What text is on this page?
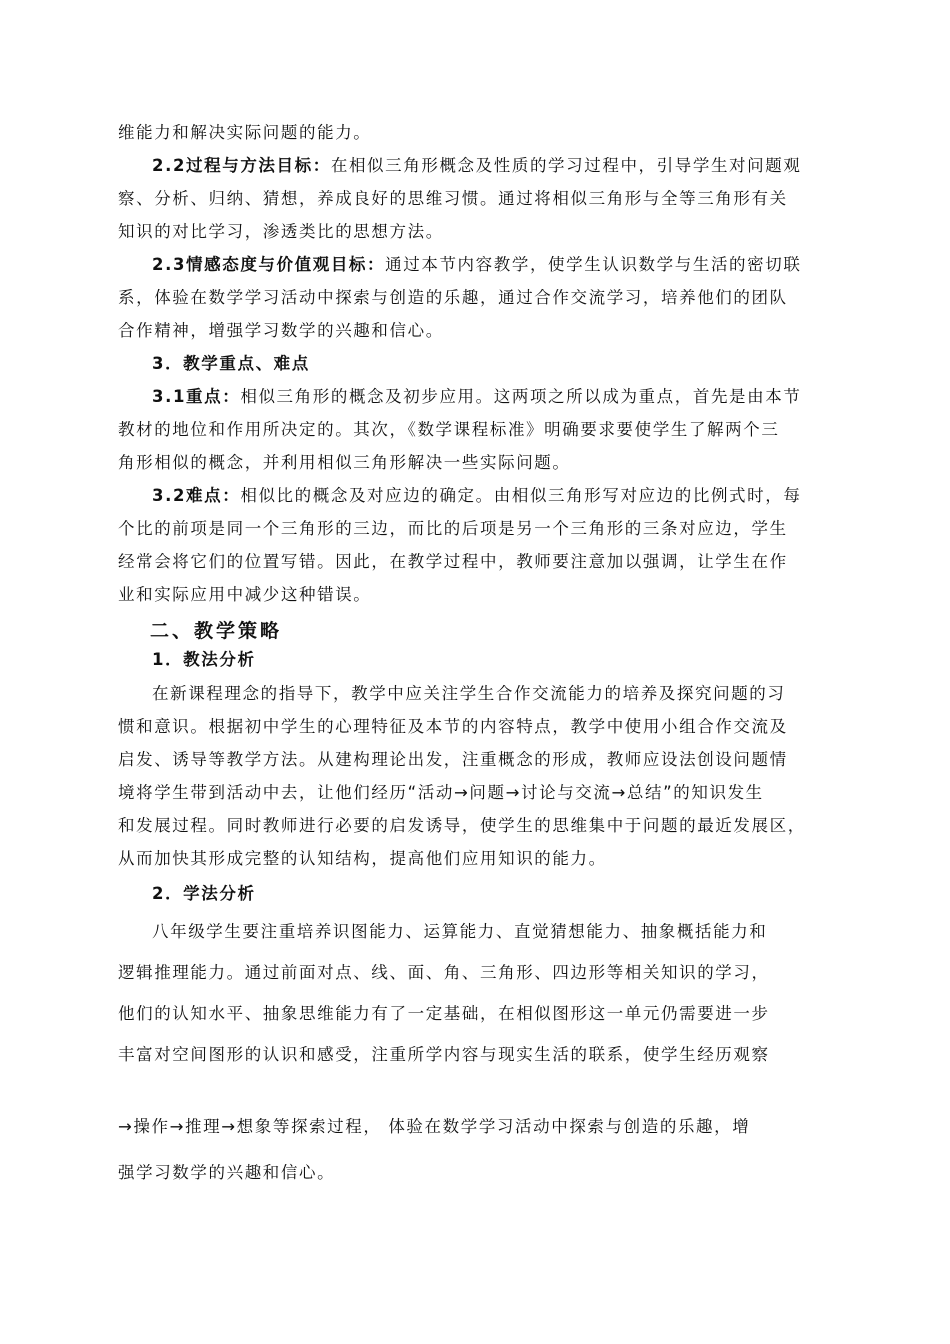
维能力和解决实际问题的能力。
2.2过程与方法目标：在相似三角形概念及性质的学习过程中，引导学生对问题观
察、分析、归纳、猜想，养成良好的思维习惯。通过将相似三角形与全等三角形有关
知识的对比学习，渗透类比的思想方法。
2.3情感态度与价值观目标：通过本节内容教学，使学生认识数学与生活的密切联
系，体验在数学学习活动中探索与创造的乐趣，通过合作交流学习，培养他们的团队
合作精神，增强学习数学的兴趣和信心。
3．教学重点、难点
3.1重点：相似三角形的概念及初步应用。这两项之所以成为重点，首先是由本节
教材的地位和作用所决定的。其次，《数学课程标准》明确要求要使学生了解两个三
角形相似的概念，并利用相似三角形解决一些实际问题。
3.2难点：相似比的概念及对应边的确定。由相似三角形写对应边的比例式时，每
个比的前项是同一个三角形的三边，而比的后项是另一个三角形的三条对应边，学生
经常会将它们的位置写错。因此，在教学过程中，教师要注意加以强调，让学生在作
业和实际应用中减少这种错误。
二、教学策略
1．教法分析
在新课程理念的指导下，教学中应关注学生合作交流能力的培养及探究问题的习
惯和意识。根据初中学生的心理特征及本节的内容特点，教学中使用小组合作交流及
启发、诱导等教学方法。从建构理论出发，注重概念的形成，教师应设法创设问题情
境将学生带到活动中去，让他们经历“活动→问题→讨论与交流→总结”的知识发生
和发展过程。同时教师进行必要的启发诱导，使学生的思维集中于问题的最近发展区，
从而加快其形成完整的认知结构，提高他们应用知识的能力。
2．学法分析
八年级学生要注重培养识图能力、运算能力、直觉猜想能力、抽象概括能力和
逻辑推理能力。通过前面对点、线、面、角、三角形、四边形等相关知识的学习，
他们的认知水平、抽象思维能力有了一定基础，在相似图形这一单元仍需要进一步
丰富对空间图形的认识和感受，注重所学内容与现实生活的联系，使学生经历观察
→操作→推理→想象等探索过程， 体验在数学学习活动中探索与创造的乐趣，增
强学习数学的兴趣和信心。
